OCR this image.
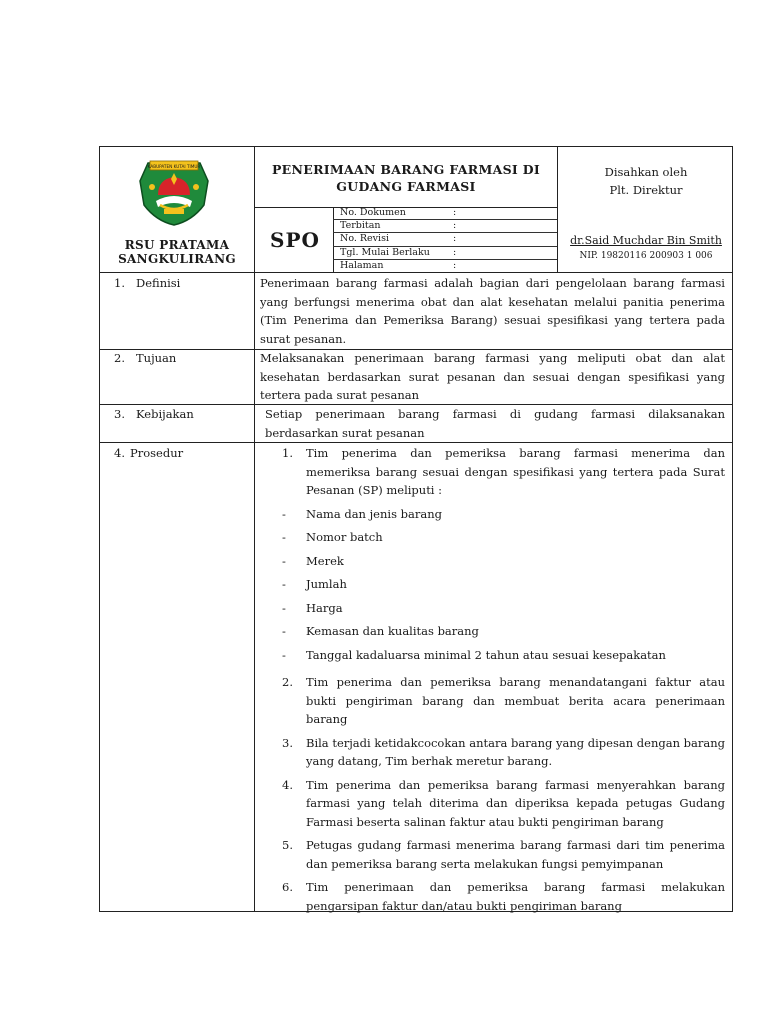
KABUPATEN KUTAI TIMUR
RSU PRATAMA
SANGKULIRANG
PENERIMAAN BARANG FARMASI DI
GUDANG FARMASI
SPO
No. Dokumen	:
Terbitan	:
No. Revisi	:
Tgl. Mulai Berlaku :
Halaman	:
Disahkan oleh
Plt. Direktur
dr.Said Muchdar Bin Smith
NIP. 19820116 200903 1 006
1. Definisi	Penerimaan barang farmasi adalah bagian dari pengelolaan barang farmasi yang berfungsi menerima obat dan alat kesehatan melalui panitia penerima (Tim Penerima dan Pemeriksa Barang) sesuai spesifikasi yang tertera pada surat pesanan.
2. Tujuan	Melaksanakan penerimaan barang farmasi yang meliputi obat dan alat kesehatan berdasarkan surat pesanan dan sesuai dengan spesifikasi yang tertera pada surat pesanan
3. Kebijakan	Setiap penerimaan barang farmasi di gudang farmasi dilaksanakan berdasarkan surat pesanan
4. Prosedur	1. Tim penerima dan pemeriksa barang farmasi menerima dan memeriksa barang sesuai dengan spesifikasi yang tertera pada Surat Pesanan (SP) meliputi :
- Nama dan jenis barang
- Nomor batch
- Merek
- Jumlah
- Harga
- Kemasan dan kualitas barang
- Tanggal kadaluarsa minimal 2 tahun atau sesuai kesepakatan
2. Tim penerima dan pemeriksa barang menandatangani faktur atau bukti pengiriman barang dan membuat berita acara penerimaan barang
3. Bila terjadi ketidakcocokan antara barang yang dipesan dengan barang yang datang, Tim berhak meretur barang.
4. Tim penerima dan pemeriksa barang farmasi menyerahkan barang farmasi yang telah diterima dan diperiksa kepada petugas Gudang Farmasi beserta salinan faktur atau bukti pengiriman barang
5. Petugas gudang farmasi menerima barang farmasi dari tim penerima dan pemeriksa barang serta melakukan fungsi pemyimpanan
6. Tim penerimaan dan pemeriksa barang farmasi melakukan pengarsipan faktur dan/atau bukti pengiriman barang
